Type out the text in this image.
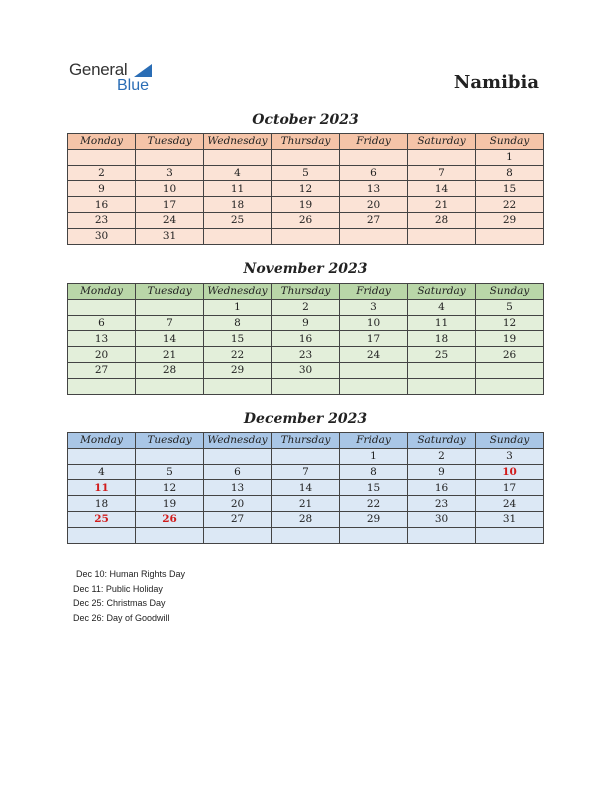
General
Blue	Namibia
October 2023
Monday	Tuesday	Wednesday	Thursday	Friday	Saturday	Sunday
						1
2	3	4	5	6	7	8
9	10	11	12	13	14	15
16	17	18	19	20	21	22
23	24	25	26	27	28	29
30	31					
November 2023
Monday	Tuesday	Wednesday	Thursday	Friday	Saturday	Sunday
		1	2	3	4	5
6	7	8	9	10	11	12
13	14	15	16	17	18	19
20	21	22	23	24	25	26
27	28	29	30			

December 2023
Monday	Tuesday	Wednesday	Thursday	Friday	Saturday	Sunday
				1	2	3
4	5	6	7	8	9	10
11	12	13	14	15	16	17
18	19	20	21	22	23	24
25	26	27	28	29	30	31

Dec 10: Human Rights Day
Dec 11: Public Holiday
Dec 25: Christmas Day
Dec 26: Day of Goodwill
